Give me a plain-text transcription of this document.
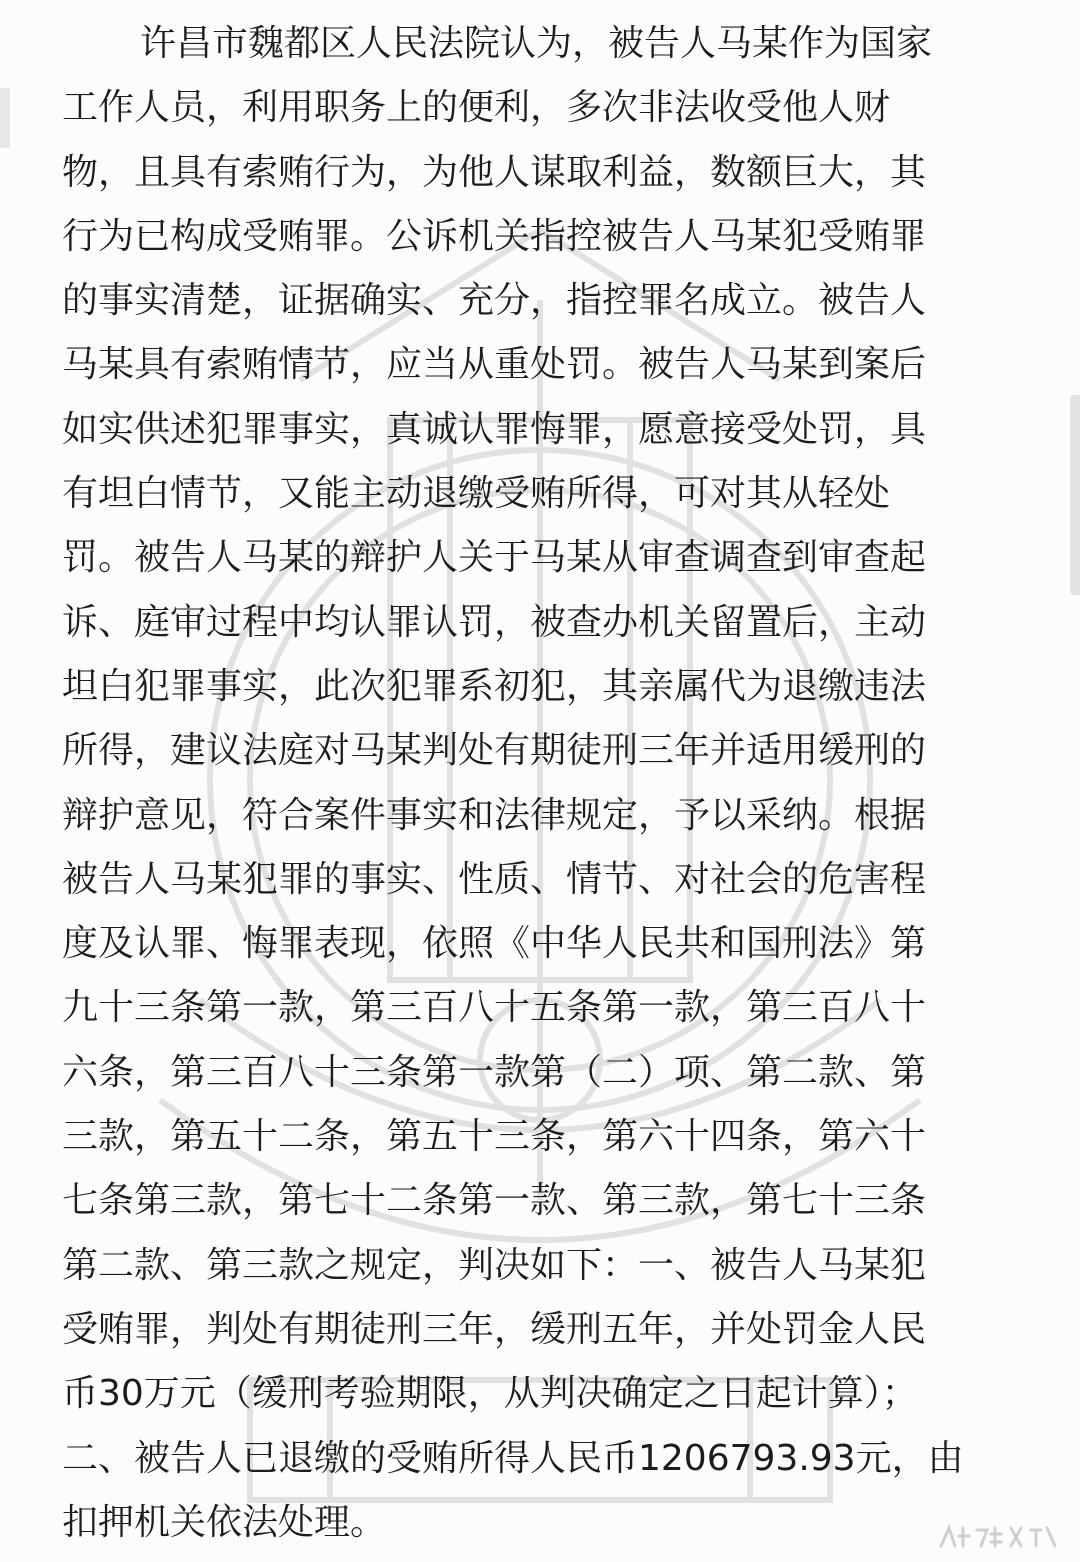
许昌市魏都区人民法院认为，被告人马某作为国家
工作人员，利用职务上的便利，多次非法收受他人财
物，且具有索贿行为，为他人谋取利益，数额巨大，其
行为已构成受贿罪。公诉机关指控被告人马某犯受贿罪
的事实清楚，证据确实、充分，指控罪名成立。被告人
马某具有索贿情节，应当从重处罚。被告人马某到案后
如实供述犯罪事实，真诚认罪悔罪，愿意接受处罚，具
有坦白情节，又能主动退缴受贿所得，可对其从轻处
罚。被告人马某的辩护人关于马某从审查调查到审查起
诉、庭审过程中均认罪认罚，被查办机关留置后，主动
坦白犯罪事实，此次犯罪系初犯，其亲属代为退缴违法
所得，建议法庭对马某判处有期徒刑三年并适用缓刑的
辩护意见，符合案件事实和法律规定，予以采纳。根据
被告人马某犯罪的事实、性质、情节、对社会的危害程
度及认罪、悔罪表现，依照《中华人民共和国刑法》第
九十三条第一款，第三百八十五条第一款，第三百八十
六条，第三百八十三条第一款第（二）项、第二款、第
三款，第五十二条，第五十三条，第六十四条，第六十
七条第三款，第七十二条第一款、第三款，第七十三条
第二款、第三款之规定，判决如下：一、被告人马某犯
受贿罪，判处有期徒刑三年，缓刑五年，并处罚金人民
币30万元（缓刑考验期限，从判决确定之日起计算）；
二、被告人已退缴的受贿所得人民币1206793.93元，由
扣押机关依法处理。
